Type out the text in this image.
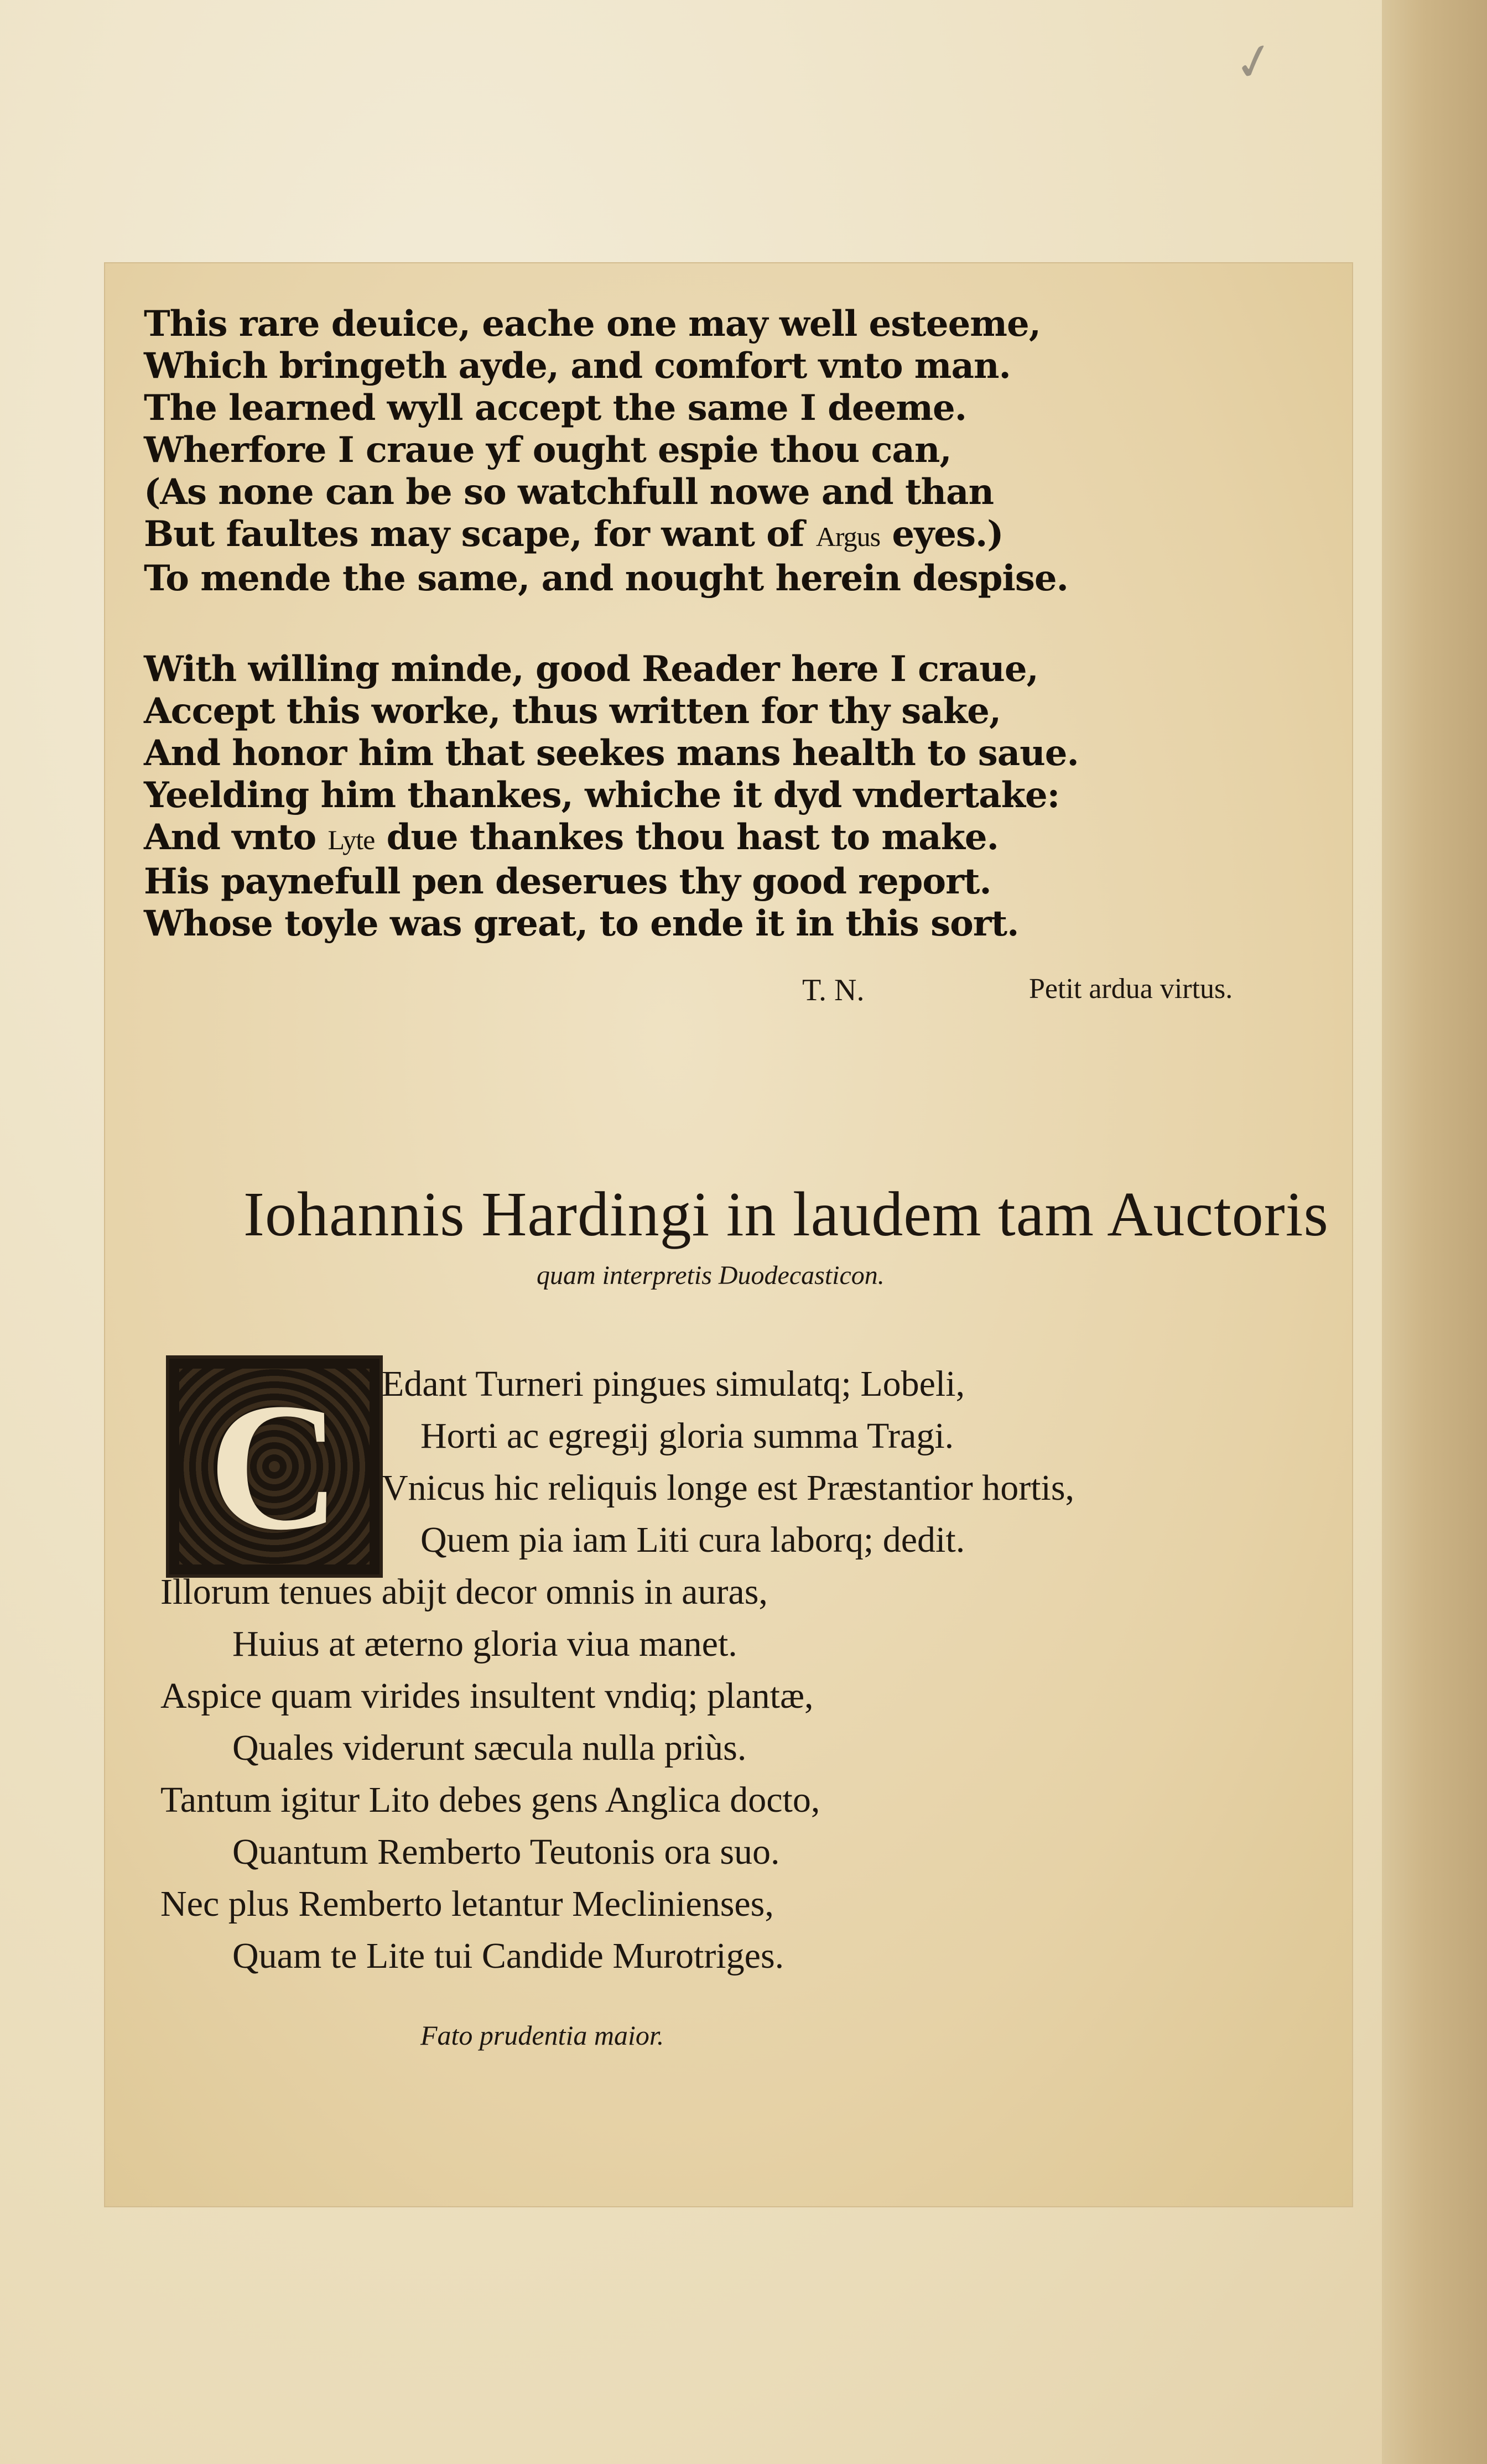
✓
This rare deuice, eache one may well esteeme,
Which bringeth ayde, and comfort vnto man.
The learned wyll accept the same I deeme.
Wherfore I craue yf ought espie thou can,
(As none can be so watchfull nowe and than
But faultes may scape, for want of Argus eyes.)
To mende the same, and nought herein despise.
With willing minde, good Reader here I craue,
Accept this worke, thus written for thy sake,
And honor him that seekes mans health to saue.
Yeelding him thankes, whiche it dyd vndertake:
And vnto Lyte due thankes thou hast to make.
His paynefull pen deserues thy good report.
Whose toyle was great, to ende it in this sort.
T. N.	Petit ardua virtus.
Iohannis Hardingi in laudem tam Auctoris
quam interpretis Duodecasticon.
C	Edant Turneri pingues simulatq; Lobeli,
Horti ac egregij gloria summa Tragi.
Vnicus hic reliquis longe est Præstantior hortis,
Quem pia iam Liti cura laborq; dedit.
Illorum tenues abijt decor omnis in auras,
Huius at æterno gloria viua manet.
Aspice quam virides insultent vndiq; plantæ,
Quales viderunt sæcula nulla priùs.
Tantum igitur Lito debes gens Anglica docto,
Quantum Remberto Teutonis ora suo.
Nec plus Remberto letantur Meclinienses,
Quam te Lite tui Candide Murotriges.
Fato prudentia maior.
